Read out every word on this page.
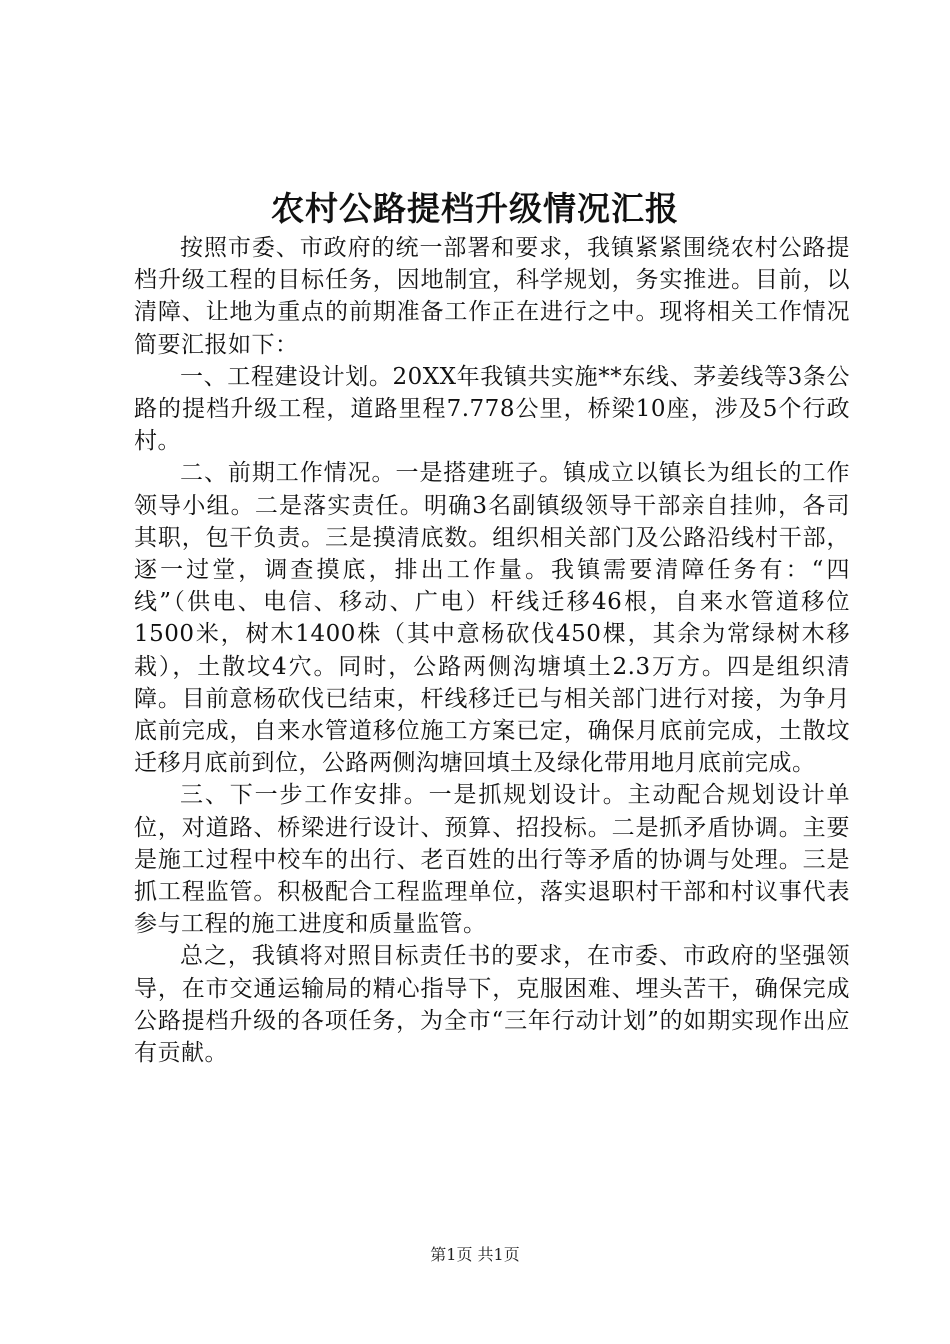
农村公路提档升级情况汇报

按照市委、市政府的统一部署和要求，我镇紧紧围绕农村公路提档升级工程的目标任务，因地制宜，科学规划，务实推进。目前，以清障、让地为重点的前期准备工作正在进行之中。现将相关工作情况简要汇报如下：

一、工程建设计划。20XX年我镇共实施**东线、茅姜线等3条公路的提档升级工程，道路里程7.778公里，桥梁10座，涉及5个行政村。

二、前期工作情况。一是搭建班子。镇成立以镇长为组长的工作领导小组。二是落实责任。明确3名副镇级领导干部亲自挂帅，各司其职，包干负责。三是摸清底数。组织相关部门及公路沿线村干部，逐一过堂，调查摸底，排出工作量。我镇需要清障任务有：“四线”（供电、电信、移动、广电）杆线迁移46根，自来水管道移位1500米，树木1400株（其中意杨砍伐450棵，其余为常绿树木移栽），土散坟4穴。同时，公路两侧沟塘填土2.3万方。四是组织清障。目前意杨砍伐已结束，杆线移迁已与相关部门进行对接，为争月底前完成，自来水管道移位施工方案已定，确保月底前完成，土散坟迁移月底前到位，公路两侧沟塘回填土及绿化带用地月底前完成。

三、下一步工作安排。一是抓规划设计。主动配合规划设计单位，对道路、桥梁进行设计、预算、招投标。二是抓矛盾协调。主要是施工过程中校车的出行、老百姓的出行等矛盾的协调与处理。三是抓工程监管。积极配合工程监理单位，落实退职村干部和村议事代表参与工程的施工进度和质量监管。

总之，我镇将对照目标责任书的要求，在市委、市政府的坚强领导，在市交通运输局的精心指导下，克服困难、埋头苦干，确保完成公路提档升级的各项任务，为全市“三年行动计划”的如期实现作出应有贡献。

第1页 共1页
